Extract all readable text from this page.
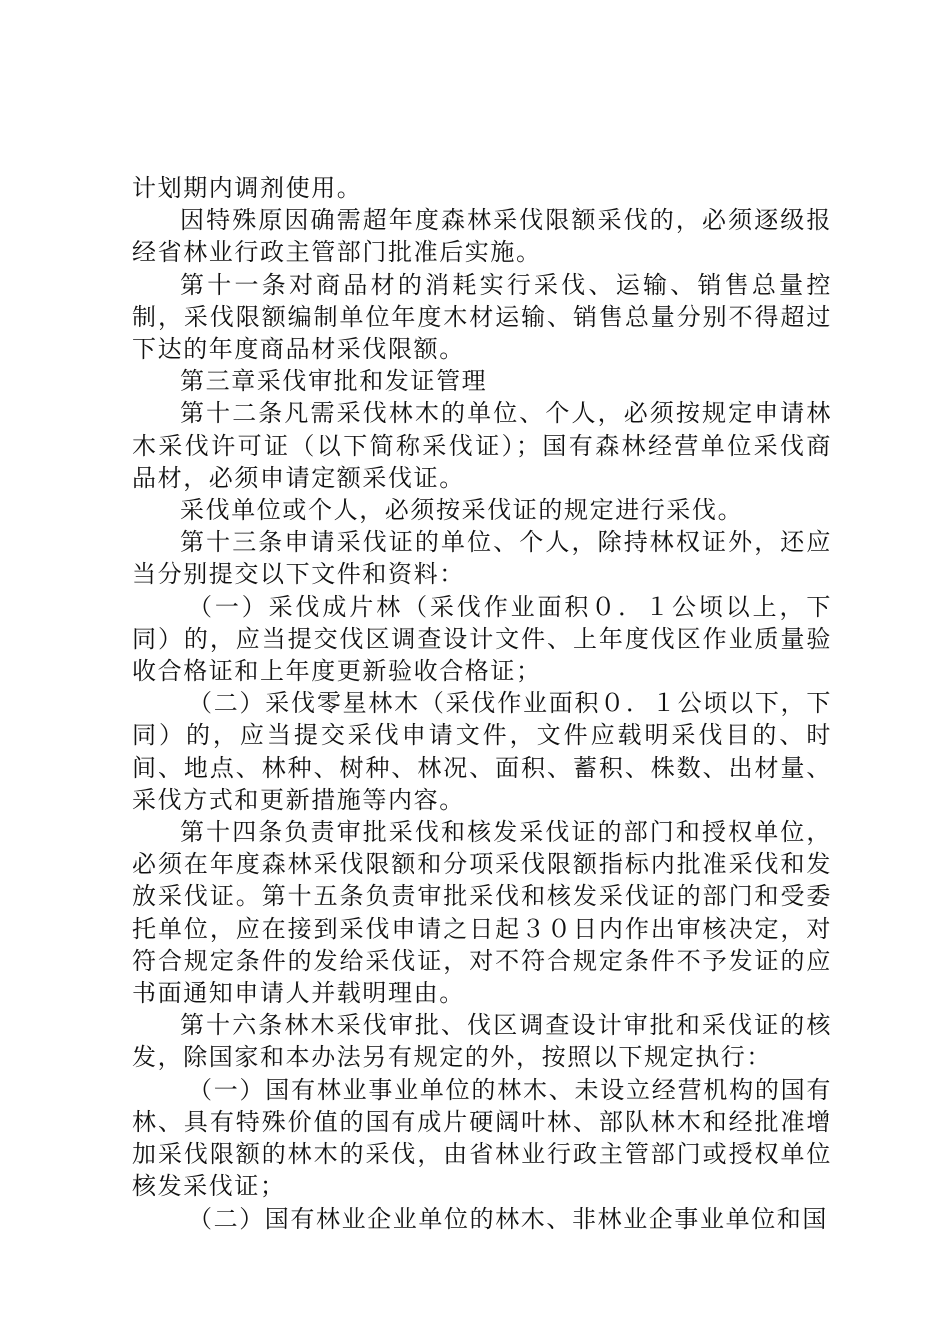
计划期内调剂使用。

因特殊原因确需超年度森林采伐限额采伐的，必须逐级报经省林业行政主管部门批准后实施。

第十一条对商品材的消耗实行采伐、运输、销售总量控制，采伐限额编制单位年度木材运输、销售总量分别不得超过下达的年度商品材采伐限额。

第三章采伐审批和发证管理

第十二条凡需采伐林木的单位、个人，必须按规定申请林木采伐许可证（以下简称采伐证）；国有森林经营单位采伐商品材，必须申请定额采伐证。

采伐单位或个人，必须按采伐证的规定进行采伐。

第十三条申请采伐证的单位、个人，除持林权证外，还应当分别提交以下文件和资料：

（一）采伐成片林（采伐作业面积０．１公顷以上，下同）的，应当提交伐区调查设计文件、上年度伐区作业质量验收合格证和上年度更新验收合格证；

（二）采伐零星林木（采伐作业面积０．１公顷以下，下同）的，应当提交采伐申请文件，文件应载明采伐目的、时间、地点、林种、树种、林况、面积、蓄积、株数、出材量、采伐方式和更新措施等内容。

第十四条负责审批采伐和核发采伐证的部门和授权单位，必须在年度森林采伐限额和分项采伐限额指标内批准采伐和发放采伐证。第十五条负责审批采伐和核发采伐证的部门和受委托单位，应在接到采伐申请之日起３０日内作出审核决定，对符合规定条件的发给采伐证，对不符合规定条件不予发证的应书面通知申请人并载明理由。

第十六条林木采伐审批、伐区调查设计审批和采伐证的核发，除国家和本办法另有规定的外，按照以下规定执行：

（一）国有林业事业单位的林木、未设立经营机构的国有林、具有特殊价值的国有成片硬阔叶林、部队林木和经批准增加采伐限额的林木的采伐，由省林业行政主管部门或授权单位核发采伐证；

（二）国有林业企业单位的林木、非林业企事业单位和国
